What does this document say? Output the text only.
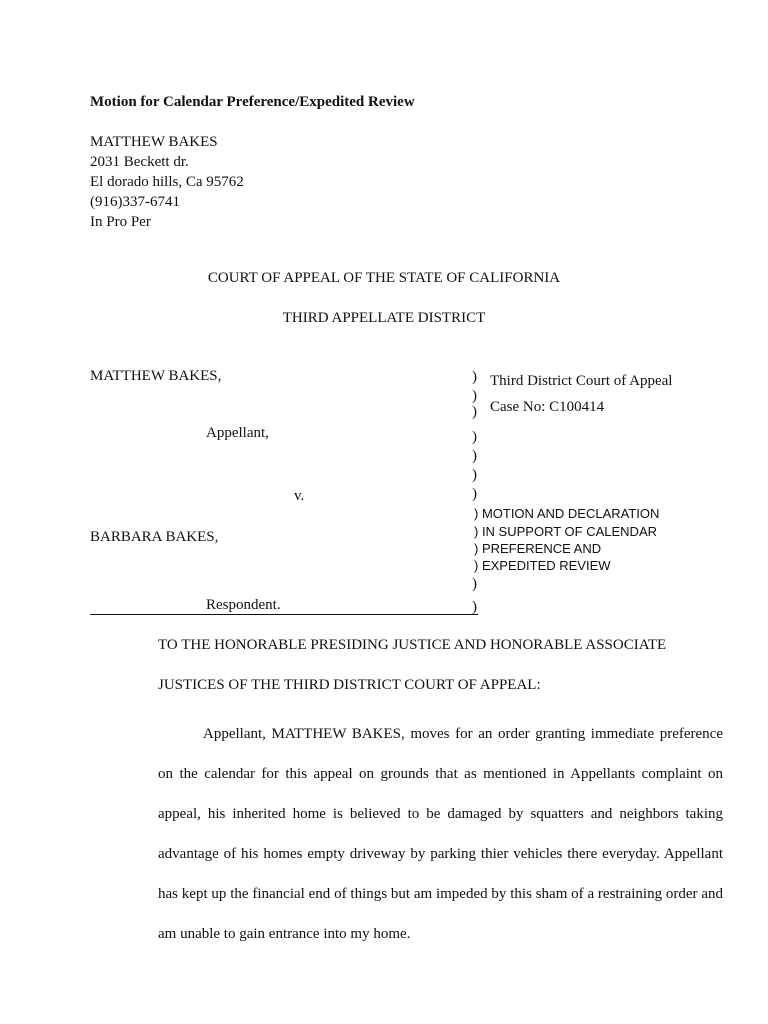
Motion for Calendar Preference/Expedited Review
MATTHEW BAKES
2031 Beckett dr.
El dorado hills, Ca 95762
(916)337-6741
In Pro Per
COURT OF APPEAL OF THE STATE OF CALIFORNIA
THIRD APPELLATE DISTRICT
MATTHEW BAKES,
Appellant,
v.
BARBARA BAKES,
Respondent.
)
)
)
)
)
)
)
)
)
Third District Court of Appeal
Case No: C100414
) MOTION AND DECLARATION
) IN SUPPORT OF CALENDAR
) PREFERENCE AND
) EXPEDITED REVIEW
TO THE HONORABLE PRESIDING JUSTICE AND HONORABLE ASSOCIATE
JUSTICES OF THE THIRD DISTRICT COURT OF APPEAL:
Appellant, MATTHEW BAKES, moves for an order granting immediate preference on the calendar for this appeal on grounds that as mentioned in Appellants complaint on appeal, his inherited home is believed to be damaged by squatters and neighbors taking advantage of his homes empty driveway by parking thier vehicles there everyday. Appellant has kept up the financial end of things but am impeded by this sham of a restraining order and am unable to gain entrance into my home.
